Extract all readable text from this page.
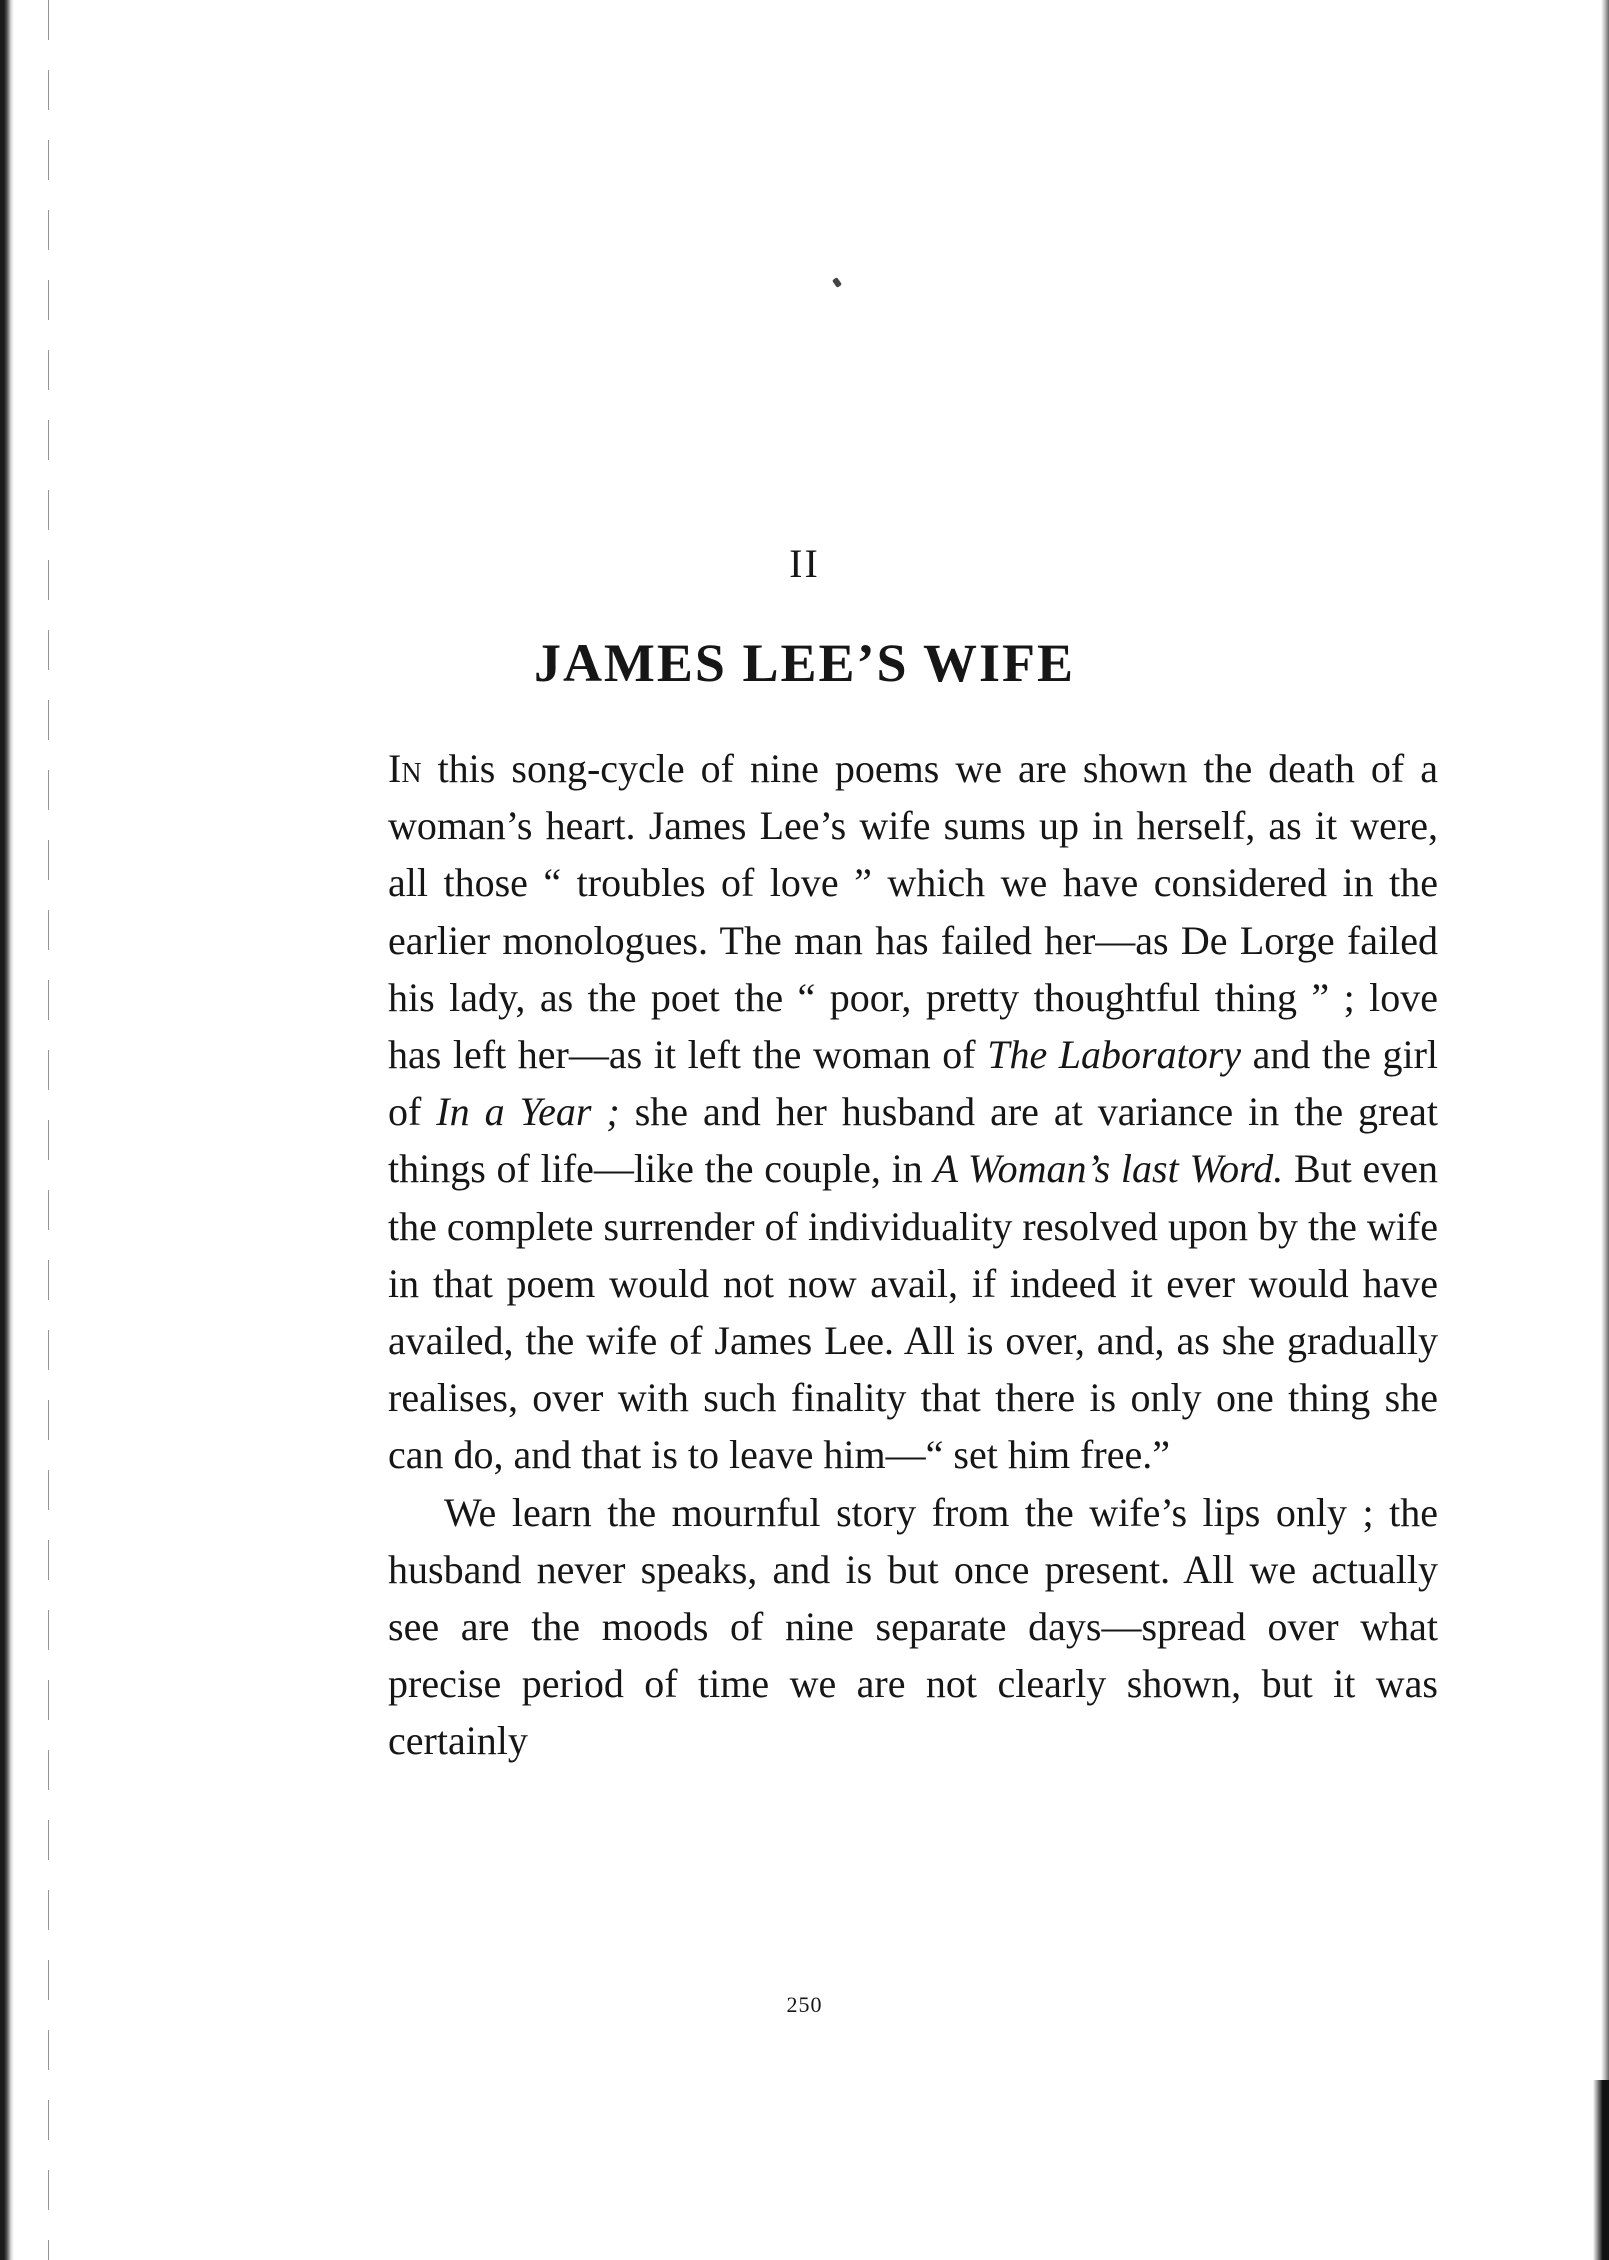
II
JAMES LEE’S WIFE

In this song-cycle of nine poems we are shown the death of a woman’s heart. James Lee’s wife sums up in herself, as it were, all those “ troubles of love ” which we have considered in the earlier monologues. The man has failed her—as De Lorge failed his lady, as the poet the “ poor, pretty thoughtful thing ” ; love has left her—as it left the woman of The Laboratory and the girl of In a Year ; she and her husband are at variance in the great things of life—like the couple, in A Woman’s last Word. But even the complete surrender of individuality resolved upon by the wife in that poem would not now avail, if indeed it ever would have availed, the wife of James Lee. All is over, and, as she gradually realises, over with such finality that there is only one thing she can do, and that is to leave him—“ set him free.”

We learn the mournful story from the wife’s lips only ; the husband never speaks, and is but once present. All we actually see are the moods of nine separate days—spread over what precise period of time we are not clearly shown, but it was certainly

250
